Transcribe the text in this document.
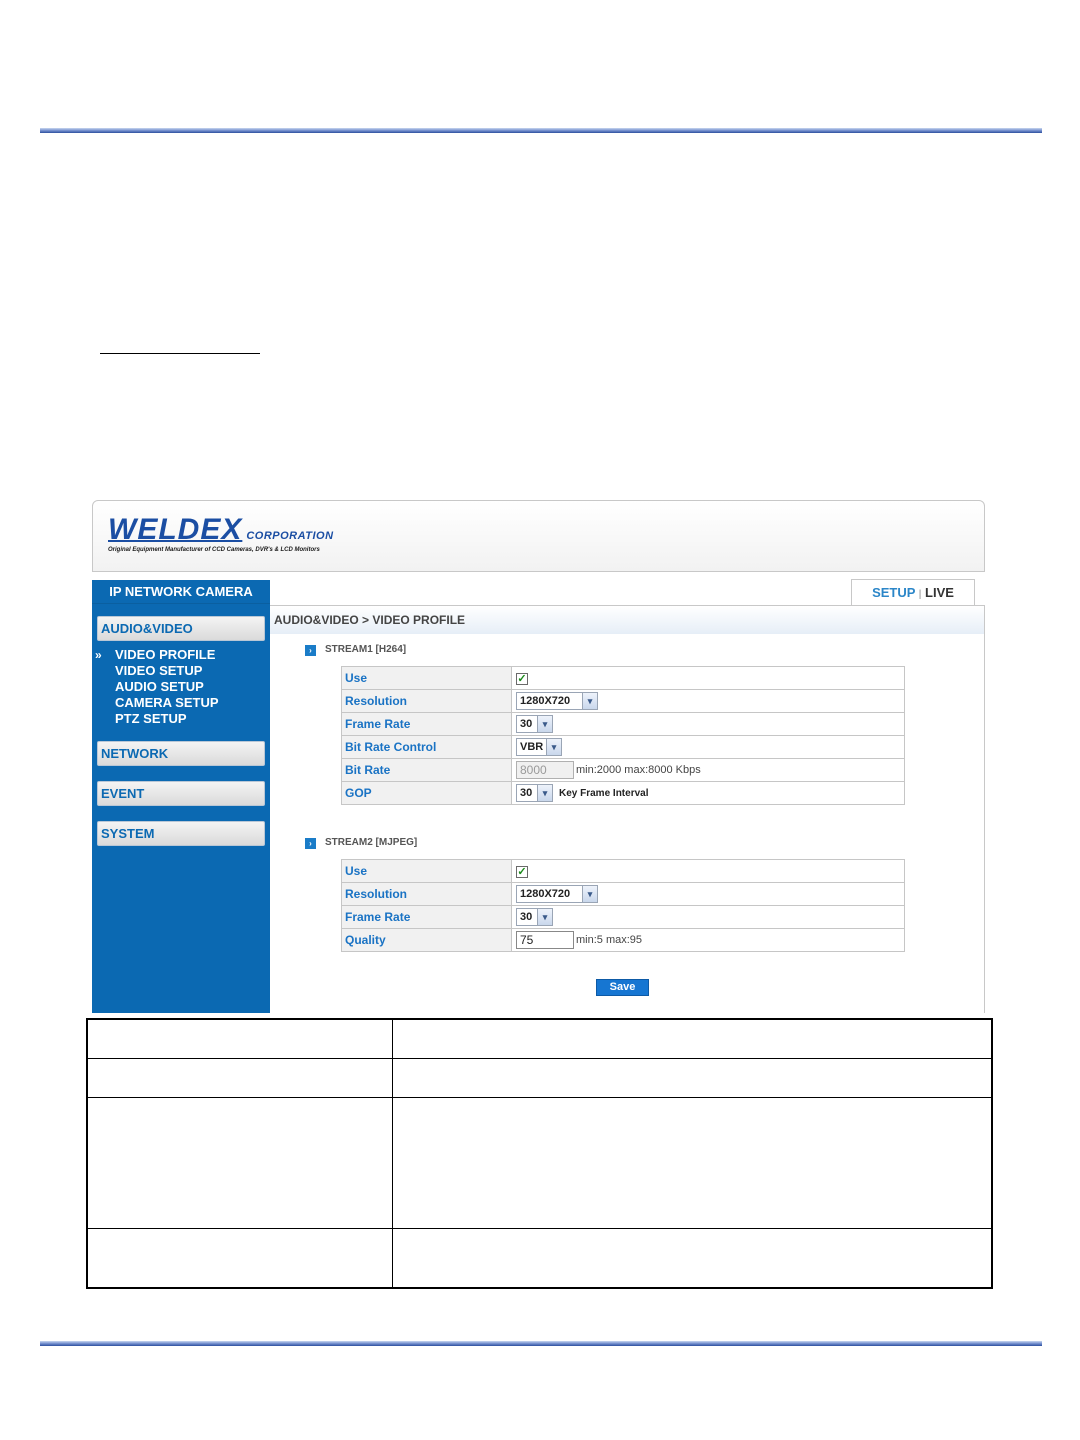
WELDEX CORPORATION
Original Equipment Manufacturer of CCD Cameras, DVR's & LCD Monitors
SETUP | LIVE
IP NETWORK CAMERA
AUDIO&VIDEO
» VIDEO PROFILE
VIDEO SETUP
AUDIO SETUP
CAMERA SETUP
PTZ SETUP
NETWORK
EVENT
SYSTEM
AUDIO&VIDEO > VIDEO PROFILE
› STREAM1 [H264]
Use	✓
Resolution	1280X720 ▾

Frame Rate	30 ▾

Bit Rate Control	VBR ▾

Bit Rate	8000 min:2000 max:8000 Kbps
GOP	30 ▾ Key Frame Interval
› STREAM2 [MJPEG]
Use	✓
Resolution	1280X720 ▾

Frame Rate	30 ▾

Quality	75 min:5 max:95
Save
